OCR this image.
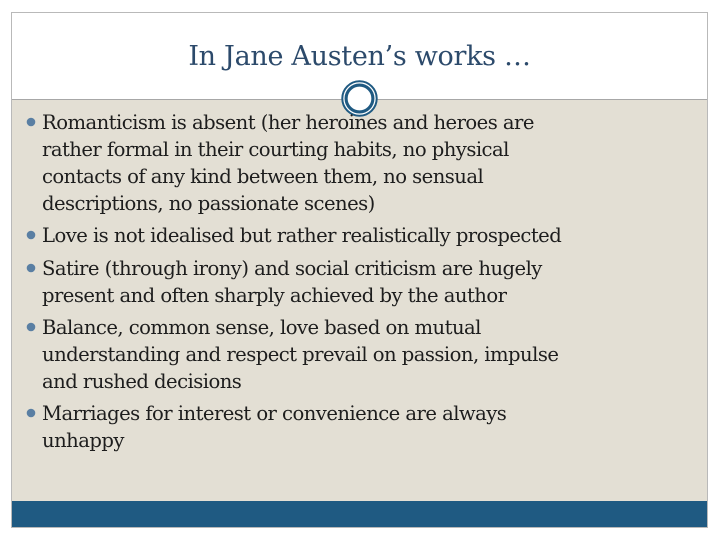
In Jane Austen’s works …
Romanticism is absent (her heroines and heroes are
rather formal in their courting habits, no physical
contacts of any kind between them, no sensual
descriptions, no passionate scenes)
Love is not idealised but rather realistically prospected
Satire (through irony) and social criticism are hugely
present and often sharply achieved by the author
Balance, common sense, love based on mutual
understanding and respect prevail on passion, impulse
and rushed decisions
Marriages for interest or convenience are always
unhappy
